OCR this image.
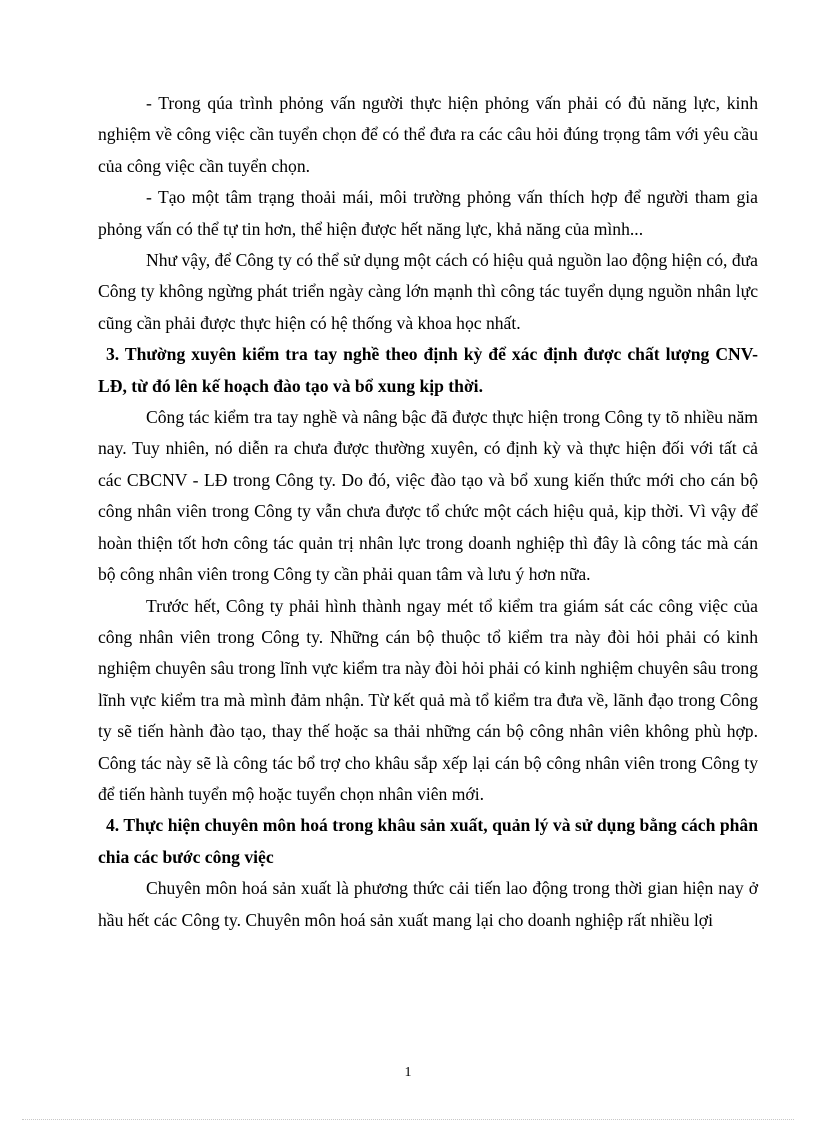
- Trong qúa trình phỏng vấn người thực hiện phỏng vấn phải có đủ năng lực, kinh nghiệm về công việc cần tuyển chọn để có thể đưa ra các câu hỏi đúng trọng tâm với yêu cầu của công việc cần tuyển chọn.

- Tạo một tâm trạng thoải mái, môi trường phỏng vấn thích hợp để người tham gia phỏng vấn có thể tự tin hơn, thể hiện được hết năng lực, khả năng của mình...

Như vậy, để Công ty có thể sử dụng một cách có hiệu quả nguồn lao động hiện có, đưa Công ty không ngừng phát triển ngày càng lớn mạnh thì công tác tuyển dụng nguồn nhân lực cũng cần phải được thực hiện có hệ thống và khoa học nhất.

3. Thường xuyên kiểm tra tay nghề theo định kỳ để xác định được chất lượng CNV-LĐ, từ đó lên kế hoạch đào tạo và bổ xung kịp thời.

Công tác kiểm tra tay nghề và nâng bậc đã được thực hiện trong Công ty tõ nhiều năm nay. Tuy nhiên, nó diễn ra chưa được thường xuyên, có định kỳ và thực hiện đối với tất cả các CBCNV - LĐ trong Công ty. Do đó, việc đào tạo và bổ xung kiến thức mới cho cán bộ công nhân viên trong Công ty vẫn chưa được tổ chức một cách hiệu quả, kịp thời. Vì vậy để hoàn thiện tốt hơn công tác quản trị nhân lực trong doanh nghiệp thì đây là công tác mà cán bộ công nhân viên trong Công ty cần phải quan tâm và lưu ý hơn nữa.

Trước hết, Công ty phải hình thành ngay mét tổ kiểm tra giám sát các công việc của công nhân viên trong Công ty. Những cán bộ thuộc tổ kiểm tra này đòi hỏi phải có kinh nghiệm chuyên sâu trong lĩnh vực kiểm tra này đòi hỏi phải có kinh nghiệm chuyên sâu trong lĩnh vực kiểm tra mà mình đảm nhận. Từ kết quả mà tổ kiểm tra đưa về, lãnh đạo trong Công ty sẽ tiến hành đào tạo, thay thế hoặc sa thải những cán bộ công nhân viên không phù hợp. Công tác này sẽ là công tác bổ trợ cho khâu sắp xếp lại cán bộ công nhân viên trong Công ty để tiến hành tuyển mộ hoặc tuyển chọn nhân viên mới.

4. Thực hiện chuyên môn hoá trong khâu sản xuất, quản lý và sử dụng bằng cách phân chia các bước công việc

Chuyên môn hoá sản xuất là phương thức cải tiến lao động trong thời gian hiện nay ở hầu hết các Công ty. Chuyên môn hoá sản xuất mang lại cho doanh nghiệp rất nhiều lợi

1
